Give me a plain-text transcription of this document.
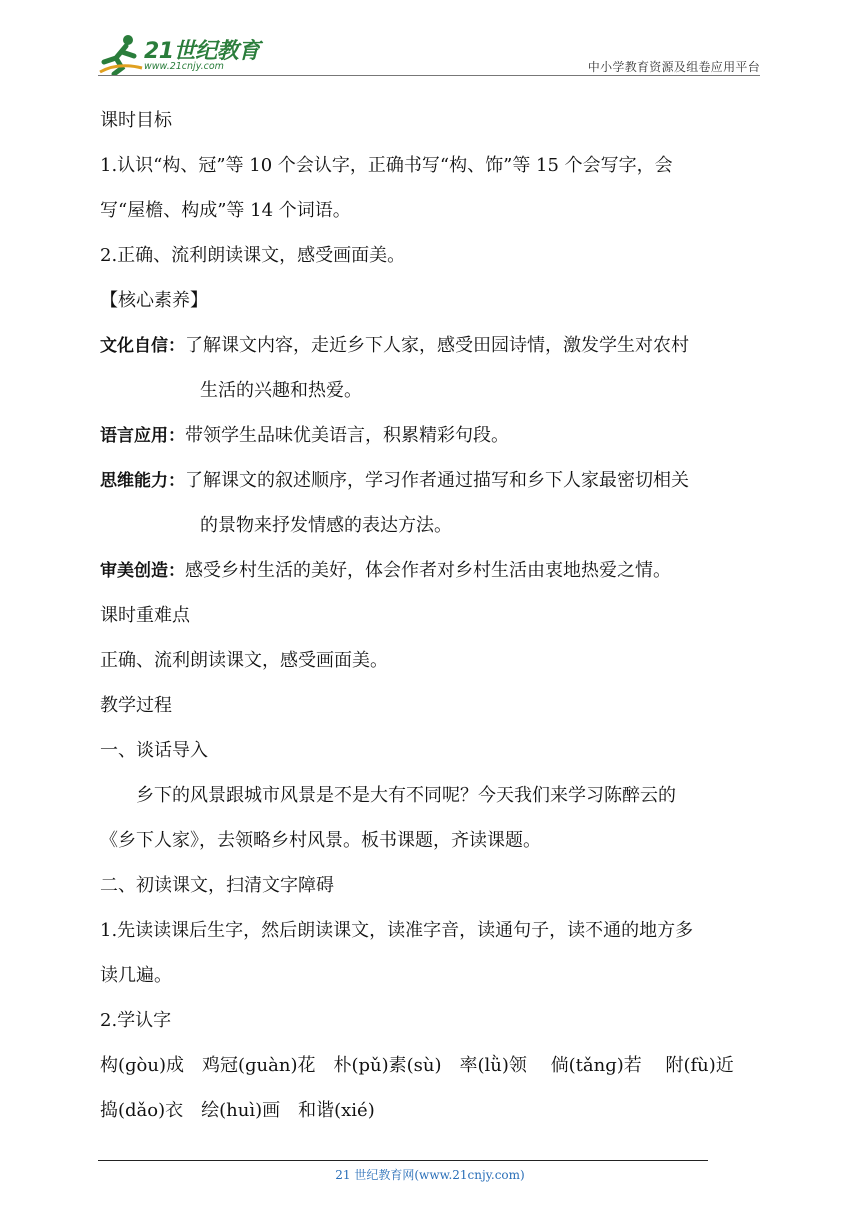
21世纪教育
www.21cnjy.com	中小学教育资源及组卷应用平台
课时目标
1.认识“构、冠”等 10 个会认字，正确书写“构、饰”等 15 个会写字，会
写“屋檐、构成”等 14 个词语。
2.正确、流利朗读课文，感受画面美。
【核心素养】
文化自信：了解课文内容，走近乡下人家，感受田园诗情，激发学生对农村
生活的兴趣和热爱。
语言应用：带领学生品味优美语言，积累精彩句段。
思维能力：了解课文的叙述顺序，学习作者通过描写和乡下人家最密切相关
的景物来抒发情感的表达方法。
审美创造：感受乡村生活的美好，体会作者对乡村生活由衷地热爱之情。
课时重难点
正确、流利朗读课文，感受画面美。
教学过程
一、谈话导入
乡下的风景跟城市风景是不是大有不同呢？今天我们来学习陈醉云的
《乡下人家》，去领略乡村风景。板书课题，齐读课题。
二、初读课文，扫清文字障碍
1.先读读课后生字，然后朗读课文，读准字音，读通句子，读不通的地方多
读几遍。
2.学认字
构(ɡòu)成　鸡冠(ɡuàn)花　朴(pǔ)素(sù)　率(lǜ)领　 倘(tǎnɡ)若　 附(fù)近
捣(dǎo)衣　绘(huì)画　和谐(xié)
21 世纪教育网(www.21cnjy.com)
